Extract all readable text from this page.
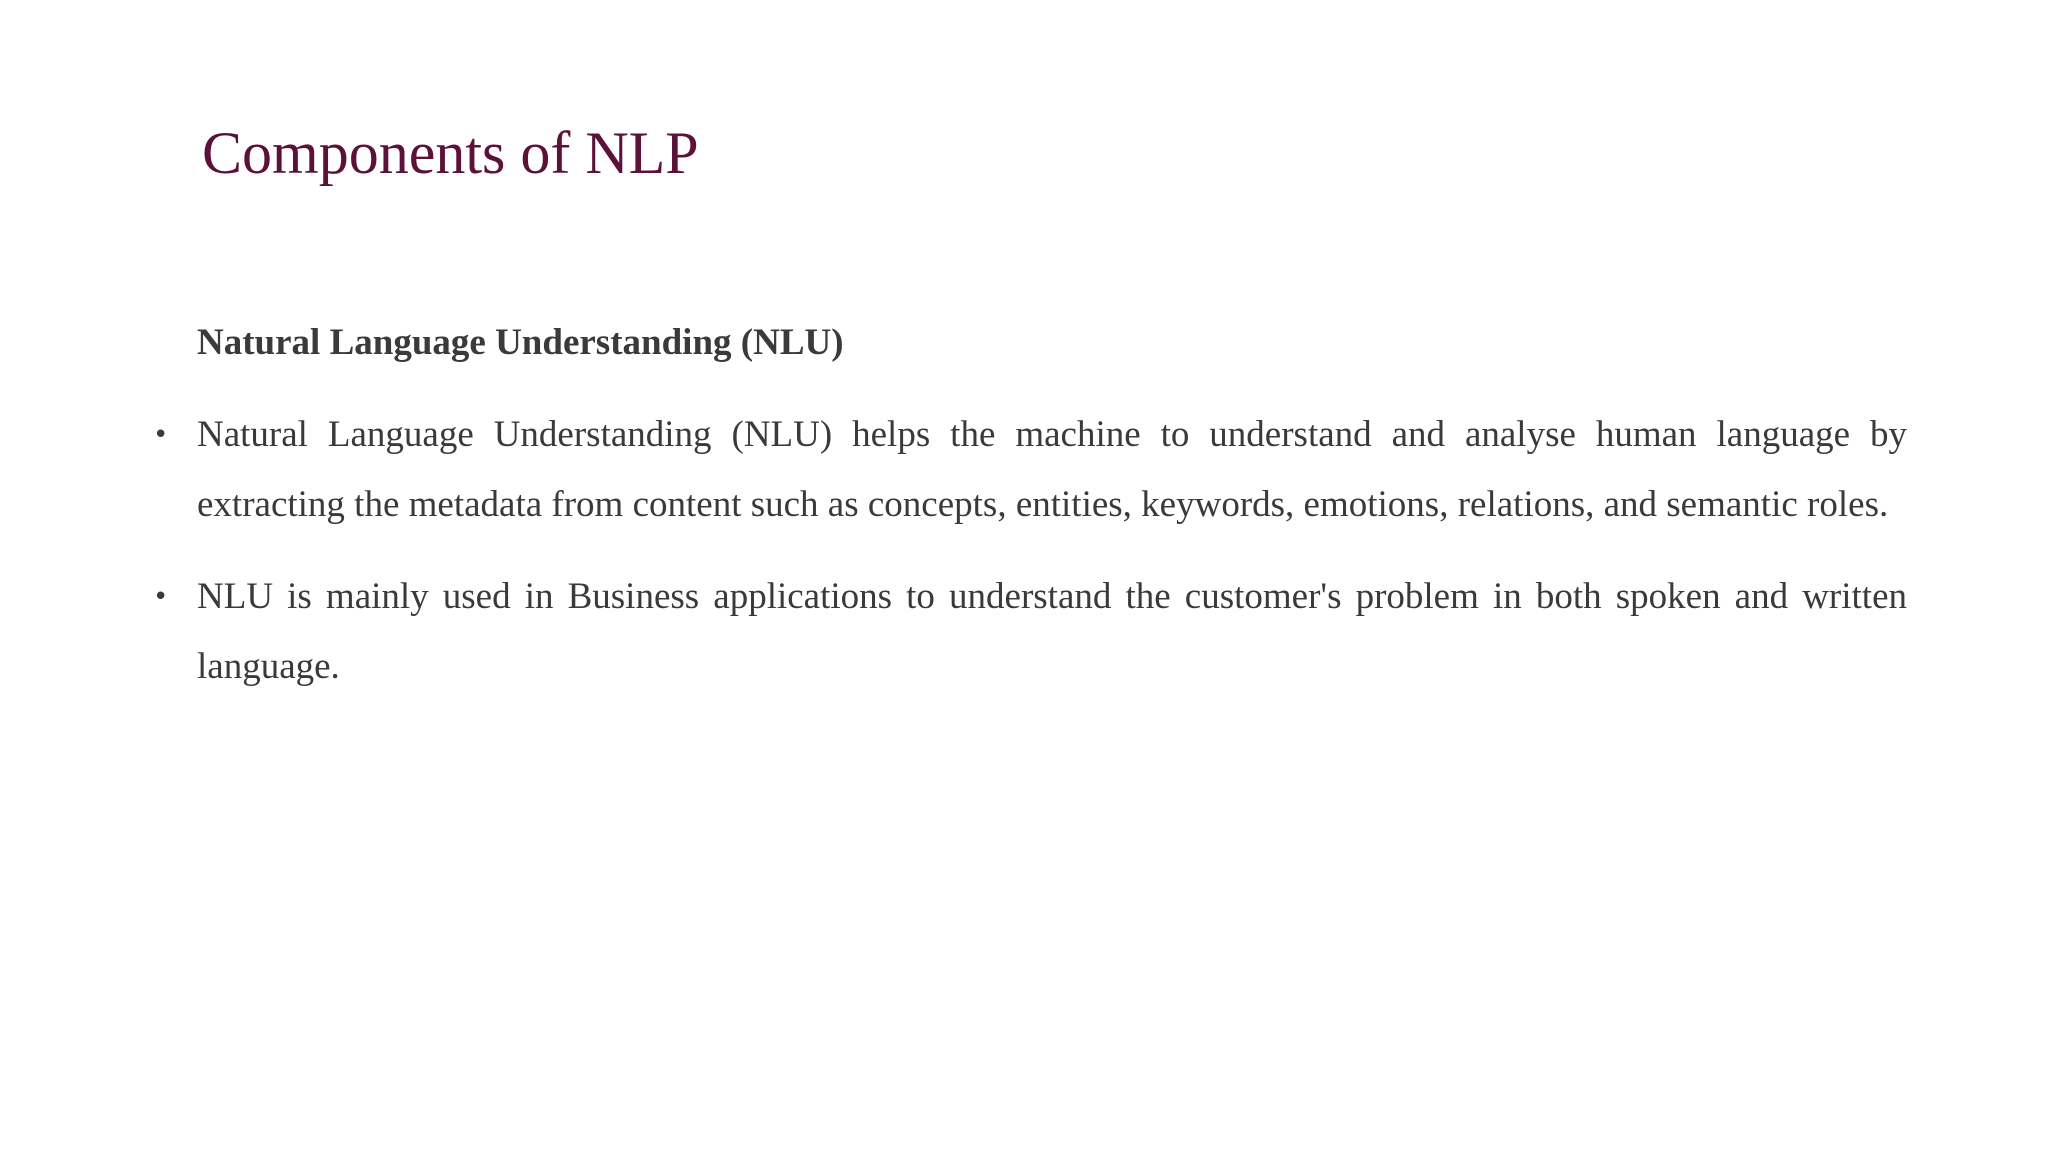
Components of NLP
Natural Language Understanding (NLU)
• Natural Language Understanding (NLU) helps the machine to understand and analyse human language by extracting the metadata from content such as concepts, entities, keywords, emotions, relations, and semantic roles.
• NLU is mainly used in Business applications to understand the customer's problem in both spoken and written language.
